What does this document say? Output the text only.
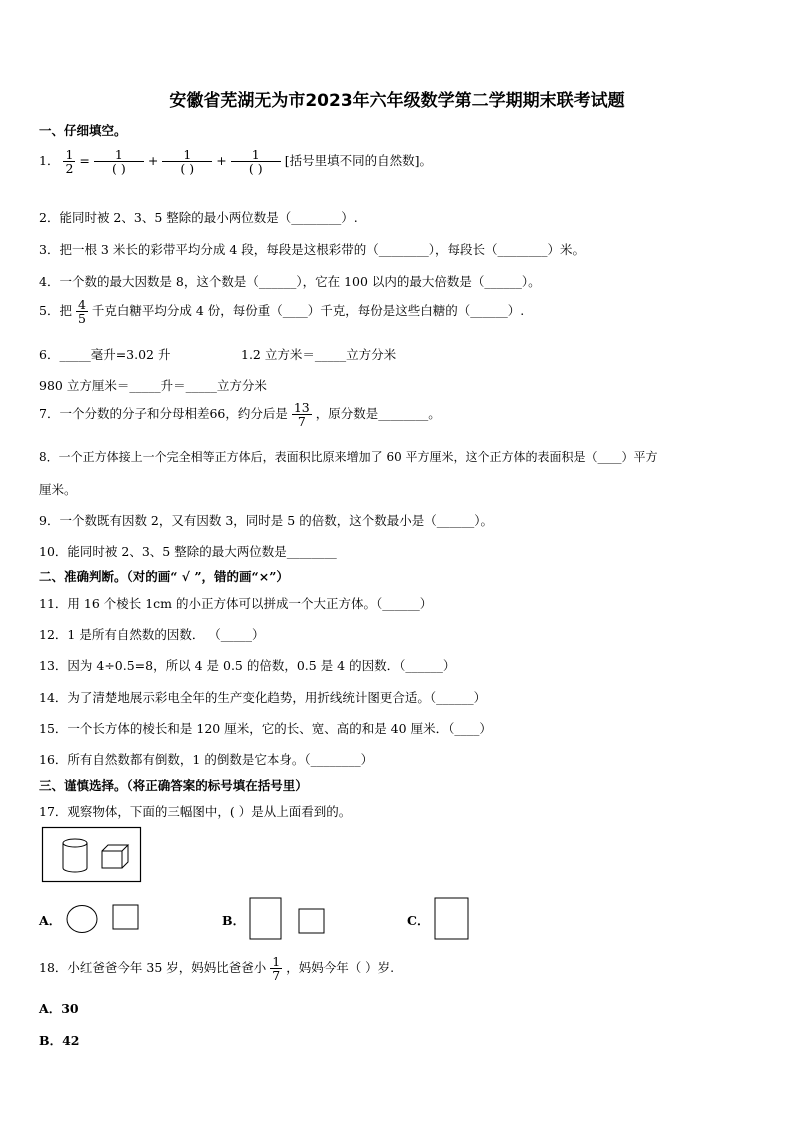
安徽省芜湖无为市2023年六年级数学第二学期期末联考试题
一、仔细填空。
1． $\frac{1}{2} = \frac{1}{( )} + \frac{1}{( )} + \frac{1}{( )}$ [括号里填不同的自然数]。
2．能同时被 2、3、5 整除的最小两位数是（________）.
3．把一根 3 米长的彩带平均分成 4 段，每段是这根彩带的（________），每段长（________）米。
4．一个数的最大因数是 8，这个数是（______），它在 100 以内的最大倍数是（______）。
5．把 $\frac{4}{5}$ 千克白糖平均分成 4 份，每份重（____）千克，每份是这些白糖的（______）.
6．_____毫升=3.02 升	1.2 立方米＝_____立方分米
980 立方厘米＝_____升＝_____立方分米
7．一个分数的分子和分母相差66，约分后是 $\frac{13}{7}$ ，原分数是________。
8．一个正方体接上一个完全相等正方体后，表面积比原来增加了 60 平方厘米，这个正方体的表面积是（____）平方
厘米。
9．一个数既有因数 2，又有因数 3，同时是 5 的倍数，这个数最小是（______）。
10．能同时被 2、3、5 整除的最大两位数是________
二、准确判断。（对的画“ √ ”，错的画“×”）
11．用 16 个棱长 1cm 的小正方体可以拼成一个大正方体。（______）
12．1 是所有自然数的因数． （_____）
13．因为 4÷0.5=8，所以 4 是 0.5 的倍数，0.5 是 4 的因数．（______）
14．为了清楚地展示彩电全年的生产变化趋势，用折线统计图更合适。（______）
15．一个长方体的棱长和是 120 厘米，它的长、宽、高的和是 40 厘米．（____）
16．所有自然数都有倒数，1 的倒数是它本身。（________）
三、谨慎选择。（将正确答案的标号填在括号里）
17．观察物体，下面的三幅图中，( ）是从上面看到的。
A．	B．	C．
18．小红爸爸今年 35 岁，妈妈比爸爸小 $\frac{1}{7}$ ，妈妈今年（ ）岁.
A．30
B．42
